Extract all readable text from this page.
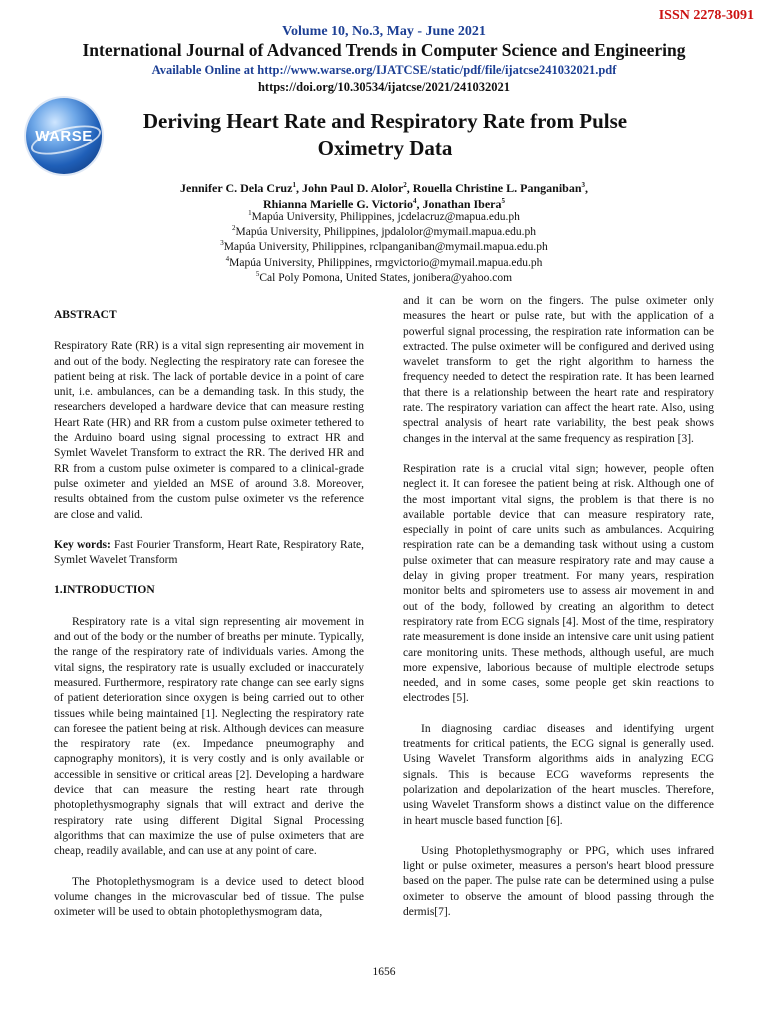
ISSN 2278-3091
Volume 10, No.3, May - June 2021
International Journal of Advanced Trends in Computer Science and Engineering
Available Online at http://www.warse.org/IJATCSE/static/pdf/file/ijatcse241032021.pdf
https://doi.org/10.30534/ijatcse/2021/241032021
WARSE
Deriving Heart Rate and Respiratory Rate from Pulse Oximetry Data
Jennifer C. Dela Cruz$^1$, John Paul D. Alolor$^2$, Rouella Christine L. Panganiban$^3$,
Rhianna Marielle G. Victorio$^4$, Jonathan Ibera$^5$
$^1$Mapúa University, Philippines, jcdelacruz@mapua.edu.ph
$^2$Mapúa University, Philippines, jpdalolor@mymail.mapua.edu.ph
$^3$Mapúa University, Philippines, rclpanganiban@mymail.mapua.edu.ph
$^4$Mapúa University, Philippines, rmgvictorio@mymail.mapua.edu.ph
$^5$Cal Poly Pomona, United States, jonibera@yahoo.com
ABSTRACT

Respiratory Rate (RR) is a vital sign representing air movement in and out of the body. Neglecting the respiratory rate can foresee the patient being at risk. The lack of portable device in a point of care unit, i.e. ambulances, can be a demanding task. In this study, the researchers developed a hardware device that can measure resting Heart Rate (HR) and RR from a custom pulse oximeter tethered to the Arduino board using signal processing to extract HR and Symlet Wavelet Transform to extract the RR. The derived HR and RR from a custom pulse oximeter is compared to a clinical-grade pulse oximeter and yielded an MSE of around 3.8. Moreover, results obtained from the custom pulse oximeter vs the reference are close and valid.

Key words: Fast Fourier Transform, Heart Rate, Respiratory Rate, Symlet Wavelet Transform

1.INTRODUCTION

Respiratory rate is a vital sign representing air movement in and out of the body or the number of breaths per minute. Typically, the range of the respiratory rate of individuals varies. Among the vital signs, the respiratory rate is usually excluded or inaccurately measured. Furthermore, respiratory rate change can see early signs of patient deterioration since oxygen is being carried out to other tissues while being maintained [1]. Neglecting the respiratory rate can foresee the patient being at risk. Although devices can measure the respiratory rate (ex. Impedance pneumography and capnography monitors), it is very costly and is only available or accessible in sensitive or critical areas [2]. Developing a hardware device that can measure the resting heart rate through photoplethysmography signals that will extract and derive the respiratory rate using different Digital Signal Processing algorithms that can maximize the use of pulse oximeters that are cheap, readily available, and can use at any point of care.

The Photoplethysmogram is a device used to detect blood volume changes in the microvascular bed of tissue. The pulse oximeter will be used to obtain photoplethysmogram data,

and it can be worn on the fingers. The pulse oximeter only measures the heart or pulse rate, but with the application of a powerful signal processing, the respiration rate information can be extracted. The pulse oximeter will be configured and derived using wavelet transform to get the right algorithm to harness the frequency needed to detect the respiration rate. It has been learned that there is a relationship between the heart rate and respiratory rate. The respiratory variation can affect the heart rate. Also, using spectral analysis of heart rate variability, the best peak shows changes in the interval at the same frequency as respiration [3].

Respiration rate is a crucial vital sign; however, people often neglect it. It can foresee the patient being at risk. Although one of the most important vital signs, the problem is that there is no available portable device that can measure respiratory rate, especially in point of care units such as ambulances. Acquiring respiration rate can be a demanding task without using a custom pulse oximeter that can measure respiratory rate and may cause a delay in giving proper treatment. For many years, respiration monitor belts and spirometers use to assess air movement in and out of the body, followed by creating an algorithm to detect respiratory rate from ECG signals [4]. Most of the time, respiratory rate measurement is done inside an intensive care unit using patient care monitoring units. These methods, although useful, are much more expensive, laborious because of multiple electrode setups needed, and in some cases, some people get skin reactions to electrodes [5].

In diagnosing cardiac diseases and identifying urgent treatments for critical patients, the ECG signal is generally used. Using Wavelet Transform algorithms aids in analyzing ECG signals. This is because ECG waveforms represents the polarization and depolarization of the heart muscles. Therefore, using Wavelet Transform shows a distinct value on the difference in heart muscle based function [6].

Using Photoplethysmography or PPG, which uses infrared light or pulse oximeter, measures a person's heart blood pressure based on the paper. The pulse rate can be determined using a pulse oximeter to observe the amount of blood passing through the dermis[7].

1656
